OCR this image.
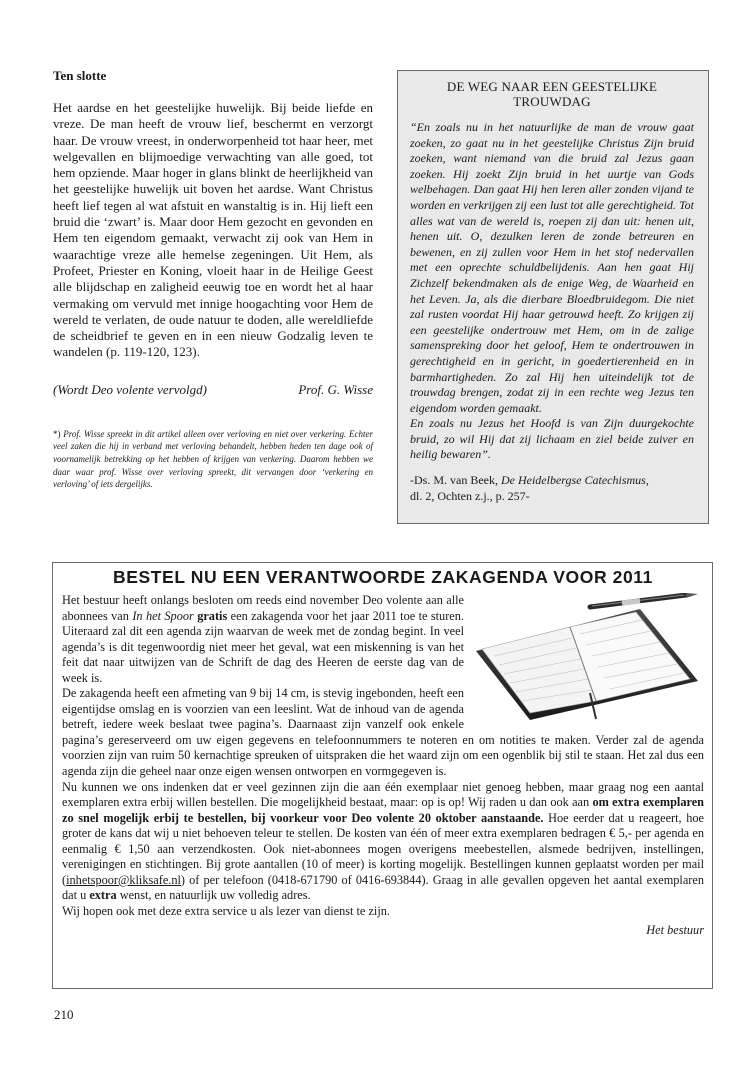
Ten slotte

Het aardse en het geestelijke huwelijk. Bij beide liefde en vreze. De man heeft de vrouw lief, beschermt en verzorgt haar. De vrouw vreest, in onderworpenheid tot haar heer, met welgevallen en blijmoedige verwachting van alle goed, tot hem opziende. Maar hoger in glans blinkt de heerlijkheid van het geestelijke huwelijk uit boven het aardse. Want Christus heeft lief tegen al wat afstuit en wanstaltig is in. Hij lieft een bruid die ‘zwart’ is. Maar door Hem gezocht en gevonden en Hem ten eigendom gemaakt, verwacht zij ook van Hem in waarachtige vreze alle hemelse zegeningen. Uit Hem, als Profeet, Priester en Koning, vloeit haar in de Heilige Geest alle blijdschap en zaligheid eeuwig toe en wordt het al haar vermaking om vervuld met innige hoogachting voor Hem de wereld te verlaten, de oude natuur te doden, alle wereldliefde de scheidbrief te geven en in een nieuw Godzalig leven te wandelen (p. 119-120, 123).

(Wordt Deo volente vervolgd)	Prof. G. Wisse
*) Prof. Wisse spreekt in dit artikel alleen over verloving en niet over verkering. Echter veel zaken die hij in verband met verloving behandelt, hebben heden ten dage ook of voornamelijk betrekking op het hebben of krijgen van verkering. Daarom hebben we daar waar prof. Wisse over verloving spreekt, dit vervangen door ‘verkering en verloving’ of iets dergelijks.
DE WEG NAAR EEN GEESTELIJKE TROUWDAG

“En zoals nu in het natuurlijke de man de vrouw gaat zoeken, zo gaat nu in het geestelijke Christus Zijn bruid zoeken, want niemand van die bruid zal Jezus gaan zoeken. Hij zoekt Zijn bruid in het uurtje van Gods welbehagen. Dan gaat Hij hen leren aller zonden vijand te worden en verkrijgen zij een lust tot alle gerechtigheid. Tot alles wat van de wereld is, roepen zij dan uit: henen uit, henen uit. O, dezulken leren de zonde betreuren en bewenen, en zij zullen voor Hem in het stof nedervallen met een oprechte schuldbelijdenis. Aan hen gaat Hij Zichzelf bekendmaken als de enige Weg, de Waarheid en het Leven. Ja, als die dierbare Bloedbruidegom. Die niet zal rusten voordat Hij haar getrouwd heeft. Zo krijgen zij een geestelijke ondertrouw met Hem, om in de zalige samenspreking door het geloof, Hem te ondertrouwen in gerechtigheid en in gericht, in goedertierenheid en in barmhartigheden. Zo zal Hij hen uiteindelijk tot de trouwdag brengen, zodat zij in een rechte weg Jezus ten eigendom worden gemaakt.
En zoals nu Jezus het Hoofd is van Zijn duurgekochte bruid, zo wil Hij dat zij lichaam en ziel beide zuiver en heilig bewaren”.

-Ds. M. van Beek, De Heidelbergse Catechismus,
dl. 2, Ochten z.j., p. 257-
BESTEL NU EEN VERANTWOORDE ZAKAGENDA VOOR 2011

Het bestuur heeft onlangs besloten om reeds eind november Deo volente aan alle abonnees van In het Spoor gratis een zakagenda voor het jaar 2011 toe te sturen. Uiteraard zal dit een agenda zijn waarvan de week met de zondag begint. In veel agenda’s is dit tegenwoordig niet meer het geval, wat een miskenning is van het feit dat naar uitwijzen van de Schrift de dag des Heeren de eerste dag van de week is.

De zakagenda heeft een afmeting van 9 bij 14 cm, is stevig ingebonden, heeft een eigentijdse omslag en is voorzien van een leeslint. Wat de inhoud van de agenda betreft, iedere week beslaat twee pagina’s. Daarnaast zijn vanzelf ook enkele pagina’s gereserveerd om uw eigen gegevens en telefoonnummers te noteren en om notities te maken. Verder zal de agenda voorzien zijn van ruim 50 kernachtige spreuken of uitspraken die het waard zijn om een ogenblik bij stil te staan. Het zal dus een agenda zijn die geheel naar onze eigen wensen ontworpen en vormgegeven is.

Nu kunnen we ons indenken dat er veel gezinnen zijn die aan één exemplaar niet genoeg hebben, maar graag nog een aantal exemplaren extra erbij willen bestellen. Die mogelijkheid bestaat, maar: op is op! Wij raden u dan ook aan om extra exemplaren zo snel mogelijk erbij te bestellen, bij voorkeur voor Deo volente 20 oktober aanstaande. Hoe eerder dat u reageert, hoe groter de kans dat wij u niet behoeven teleur te stellen. De kosten van één of meer extra exemplaren bedragen € 5,- per agenda en eenmalig € 1,50 aan verzendkosten. Ook niet-abonnees mogen overigens meebestellen, alsmede bedrijven, instellingen, verenigingen en stichtingen. Bij grote aantallen (10 of meer) is korting mogelijk. Bestellingen kunnen geplaatst worden per mail (inhetspoor@kliksafe.nl) of per telefoon (0418-671790 of 0416-693844). Graag in alle gevallen opgeven het aantal exemplaren dat u extra wenst, en natuurlijk uw volledig adres.

Wij hopen ook met deze extra service u als lezer van dienst te zijn.

Het bestuur
210
